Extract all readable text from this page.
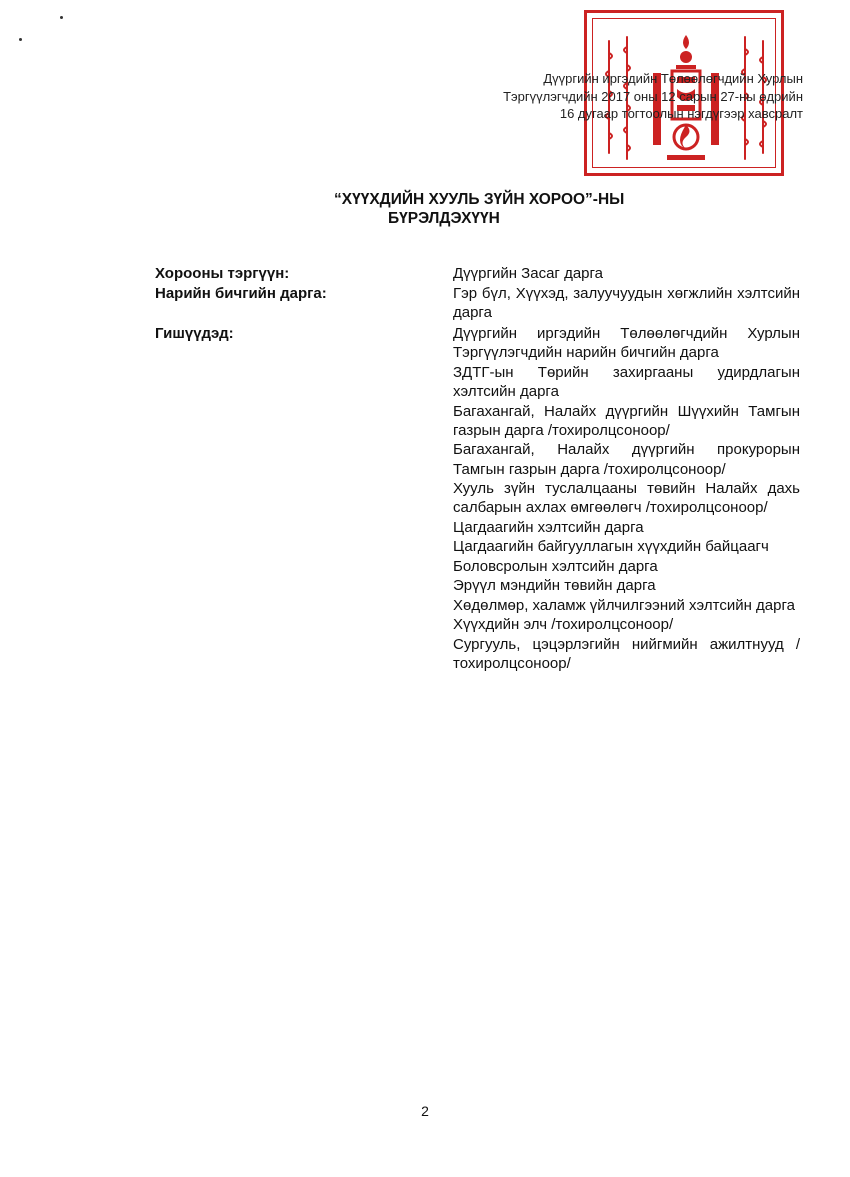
Дүүргийн иргэдийн Төлөөлөгчдийн Хурлын
Тэргүүлэгчдийн 2017 оны 12 сарын 27-ны өдрийн
16 дугаар тогтоолын нэгдүгээр хавсралт
“ХҮҮХДИЙН ХУУЛЬ ЗҮЙН ХОРОО”-НЫ
БҮРЭЛДЭХҮҮН
Хорооны тэргүүн:	Дүүргийн Засаг дарга
Нарийн бичгийн дарга:	Гэр бүл, Хүүхэд, залуучуудын хөгжлийн хэлтсийн дарга
Гишүүдэд:	Дүүргийн иргэдийн Төлөөлөгчдийн Хурлын Тэргүүлэгчдийн нарийн бичгийн дарга
ЗДТГ-ын Төрийн захиргааны удирдлагын хэлтсийн дарга
Багахангай, Налайх дүүргийн Шүүхийн Тамгын газрын дарга /тохиролцсоноор/
Багахангай, Налайх дүүргийн прокурорын Тамгын газрын дарга /тохиролцсоноор/
Хууль зүйн туслалцааны төвийн Налайх дахь салбарын ахлах өмгөөлөгч /тохиролцсоноор/
Цагдаагийн хэлтсийн дарга
Цагдаагийн байгууллагын хүүхдийн байцаагч
Боловсролын хэлтсийн дарга
Эрүүл мэндийн төвийн дарга
Хөдөлмөр, халамж үйлчилгээний хэлтсийн дарга
Хүүхдийн элч /тохиролцсоноор/
Сургууль, цэцэрлэгийн нийгмийн ажилтнууд /тохиролцсоноор/
2
